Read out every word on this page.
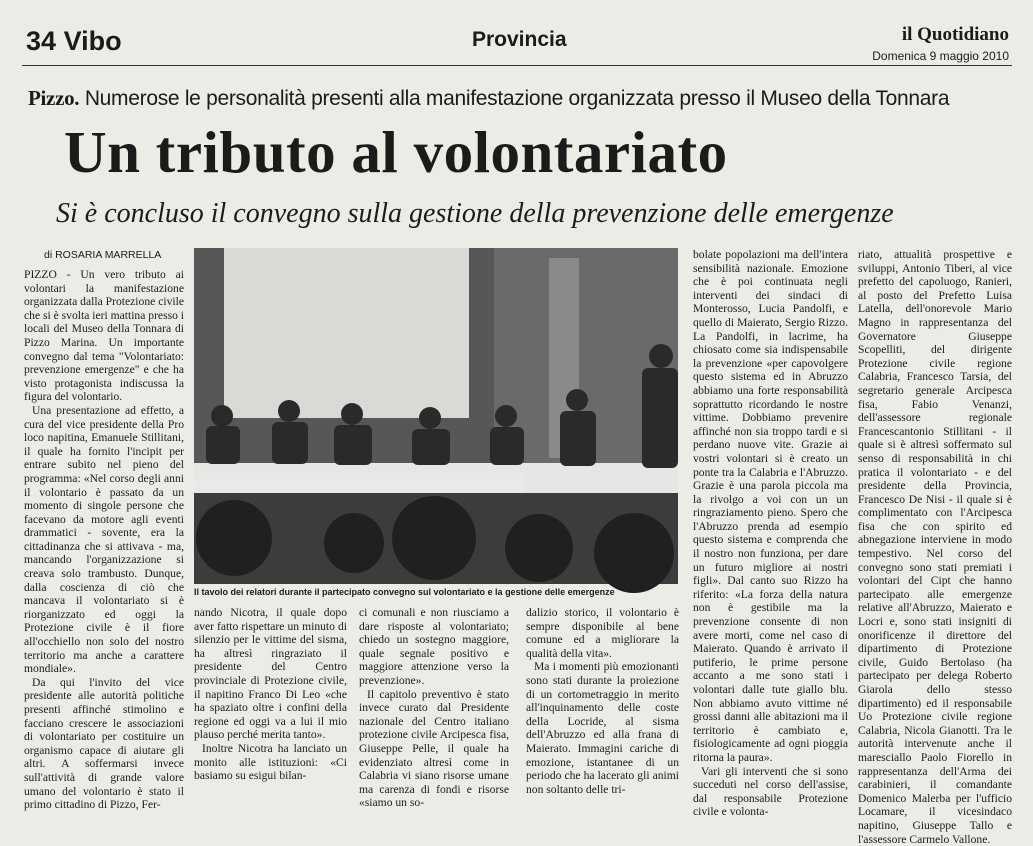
34 Vibo	Provincia	il Quotidiano
Domenica 9 maggio 2010
Pizzo. Numerose le personalità presenti alla manifestazione organizzata presso il Museo della Tonnara
Un tributo al volontariato
Si è concluso il convegno sulla gestione della prevenzione delle emergenze
di ROSARIA MARRELLA

PIZZO - Un vero tributo ai volontari la manifestazione organizzata dalla Protezione civile che si è svolta ieri mattina presso i locali del Museo della Tonnara di Pizzo Marina. Un importante convegno dal tema "Volontariato: prevenzione emergenze" e che ha visto protagonista indiscussa la figura del volontario.

Una presentazione ad effetto, a cura del vice presidente della Pro loco napitina, Emanuele Stillitani, il quale ha fornito l'incipit per entrare subito nel pieno del programma: «Nel corso degli anni il volontario è passato da un momento di singole persone che facevano da motore agli eventi drammatici - sovente, era la cittadinanza che si attivava - ma, mancando l'organizzazione si creava solo trambusto. Dunque, dalla coscienza di ciò che mancava il volontariato si è riorganizzato ed oggi la Protezione civile è il fiore all'occhiello non solo del nostro territorio ma anche a carattere mondiale».

Da qui l'invito del vice presidente alle autorità politiche presenti affinché stimolino e facciano crescere le associazioni di volontariato per costituire un organismo capace di aiutare gli altri. A soffermarsi invece sull'attività di grande valore umano del volontario è stato il primo cittadino di Pizzo, Fer-

Il tavolo dei relatori durante il partecipato convegno sul volontariato e la gestione delle emergenze

nando Nicotra, il quale dopo aver fatto rispettare un minuto di silenzio per le vittime del sisma, ha altresì ringraziato il presidente del Centro provinciale di Protezione civile, il napitino Franco Di Leo «che ha spaziato oltre i confini della regione ed oggi va a lui il mio plauso perché merita tanto».

Inoltre Nicotra ha lanciato un monito alle istituzioni: «Ci basiamo su esigui bilan-

ci comunali e non riusciamo a dare risposte al volontariato; chiedo un sostegno maggiore, quale segnale positivo e maggiore attenzione verso la prevenzione».

Il capitolo preventivo è stato invece curato dal Presidente nazionale del Centro italiano protezione civile Arcipesca fisa, Giuseppe Pelle, il quale ha evidenziato altresì come in Calabria vi siano risorse umane ma carenza di fondi e risorse «siamo un so-

dalizio storico, il volontario è sempre disponibile al bene comune ed a migliorare la qualità della vita».

Ma i momenti più emozionanti sono stati durante la proiezione di un cortometraggio in merito all'inquinamento delle coste della Locride, al sisma dell'Abruzzo ed alla frana di Maierato. Immagini cariche di emozione, istantanee di un periodo che ha lacerato gli animi non soltanto delle tri-

bolate popolazioni ma dell'intera sensibilità nazionale. Emozione che è poi continuata negli interventi dei sindaci di Monterosso, Lucia Pandolfi, e quello di Maierato, Sergio Rizzo. La Pandolfi, in lacrime, ha chiosato come sia indispensabile la prevenzione «per capovolgere questo sistema ed in Abruzzo abbiamo una forte responsabilità soprattutto ricordando le nostre vittime. Dobbiamo prevenire affinché non sia troppo tardi e si perdano nuove vite. Grazie ai vostri volontari si è creato un ponte tra la Calabria e l'Abruzzo. Grazie è una parola piccola ma la rivolgo a voi con un un ringraziamento pieno. Spero che l'Abruzzo prenda ad esempio questo sistema e comprenda che il nostro non funziona, per dare un futuro migliore ai nostri figli». Dal canto suo Rizzo ha riferito: «La forza della natura non è gestibile ma la prevenzione consente di non avere morti, come nel caso di Maierato. Quando è arrivato il putiferio, le prime persone accanto a me sono stati i volontari dalle tute giallo blu. Non abbiamo avuto vittime né grossi danni alle abitazioni ma il territorio è cambiato e, fisiologicamente ad ogni pioggia ritorna la paura».

Vari gli interventi che si sono succeduti nel corso dell'assise, dal responsabile Protezione civile e volonta-

riato, attualità prospettive e sviluppi, Antonio Tiberi, al vice prefetto del capoluogo, Ranieri, al posto del Prefetto Luisa Latella, dell'onorevole Mario Magno in rappresentanza del Governatore Giuseppe Scopelliti, del dirigente Protezione civile regione Calabria, Francesco Tarsia, del segretario generale Arcipesca fisa, Fabio Venanzi, dell'assessore regionale Francescantonio Stillitani - il quale si è altresì soffermato sul senso di responsabilità in chi pratica il volontariato - e del presidente della Provincia, Francesco De Nisi - il quale si è complimentato con l'Arcipesca fisa che con spirito ed abnegazione interviene in modo tempestivo. Nel corso del convegno sono stati premiati i volontari del Cipt che hanno partecipato alle emergenze relative all'Abruzzo, Maierato e Locri e, sono stati insigniti di onorificenze il direttore del dipartimento di Protezione civile, Guido Bertolaso (ha partecipato per delega Roberto Giarola dello stesso dipartimento) ed il responsabile Uo Protezione civile regione Calabria, Nicola Gianotti. Tra le autorità intervenute anche il maresciallo Paolo Fiorello in rappresentanza dell'Arma dei carabinieri, il comandante Domenico Malerba per l'ufficio Locamare, il vicesindaco napitino, Giuseppe Tallo e l'assessore Carmelo Vallone.
